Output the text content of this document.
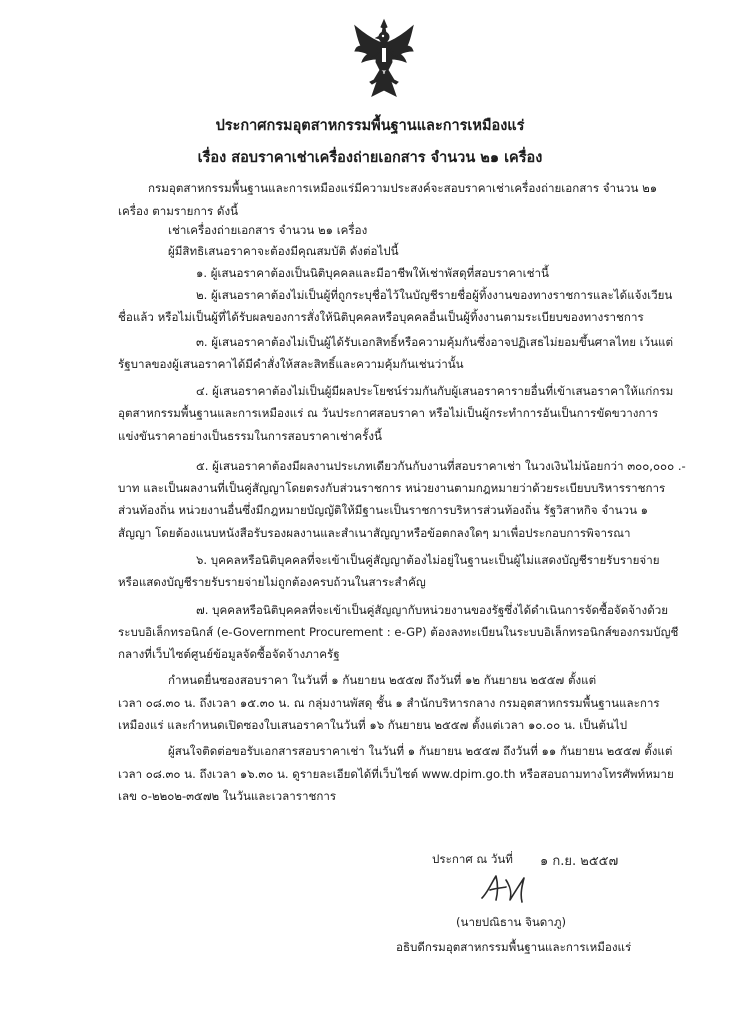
ประกาศกรมอุตสาหกรรมพื้นฐานและการเหมืองแร่
เรื่อง สอบราคาเช่าเครื่องถ่ายเอกสาร จำนวน ๒๑ เครื่อง
กรมอุตสาหกรรมพื้นฐานและการเหมืองแร่มีความประสงค์จะสอบราคาเช่าเครื่องถ่ายเอกสาร จำนวน ๒๑
เครื่อง ตามรายการ ดังนี้
เช่าเครื่องถ่ายเอกสาร จำนวน ๒๑ เครื่อง
ผู้มีสิทธิเสนอราคาจะต้องมีคุณสมบัติ ดังต่อไปนี้
๑. ผู้เสนอราคาต้องเป็นนิติบุคคลและมีอาชีพให้เช่าพัสดุที่สอบราคาเช่านี้
๒. ผู้เสนอราคาต้องไม่เป็นผู้ที่ถูกระบุชื่อไว้ในบัญชีรายชื่อผู้ทิ้งงานของทางราชการและได้แจ้งเวียน
ชื่อแล้ว หรือไม่เป็นผู้ที่ได้รับผลของการสั่งให้นิติบุคคลหรือบุคคลอื่นเป็นผู้ทิ้งงานตามระเบียบของทางราชการ
๓. ผู้เสนอราคาต้องไม่เป็นผู้ได้รับเอกสิทธิ์หรือความคุ้มกันซึ่งอาจปฏิเสธไม่ยอมขึ้นศาลไทย เว้นแต่
รัฐบาลของผู้เสนอราคาได้มีคำสั่งให้สละสิทธิ์และความคุ้มกันเช่นว่านั้น
๔. ผู้เสนอราคาต้องไม่เป็นผู้มีผลประโยชน์ร่วมกันกับผู้เสนอราคารายอื่นที่เข้าเสนอราคาให้แก่กรม
อุตสาหกรรมพื้นฐานและการเหมืองแร่ ณ วันประกาศสอบราคา หรือไม่เป็นผู้กระทำการอันเป็นการขัดขวางการ
แข่งขันราคาอย่างเป็นธรรมในการสอบราคาเช่าครั้งนี้
๕. ผู้เสนอราคาต้องมีผลงานประเภทเดียวกันกับงานที่สอบราคาเช่า ในวงเงินไม่น้อยกว่า ๓๐๐,๐๐๐ .-
บาท และเป็นผลงานที่เป็นคู่สัญญาโดยตรงกับส่วนราชการ หน่วยงานตามกฎหมายว่าด้วยระเบียบบริหารราชการ
ส่วนท้องถิ่น หน่วยงานอื่นซึ่งมีกฎหมายบัญญัติให้มีฐานะเป็นราชการบริหารส่วนท้องถิ่น รัฐวิสาหกิจ จำนวน ๑
สัญญา โดยต้องแนบหนังสือรับรองผลงานและสำเนาสัญญาหรือข้อตกลงใดๆ มาเพื่อประกอบการพิจารณา
๖. บุคคลหรือนิติบุคคลที่จะเข้าเป็นคู่สัญญาต้องไม่อยู่ในฐานะเป็นผู้ไม่แสดงบัญชีรายรับรายจ่าย
หรือแสดงบัญชีรายรับรายจ่ายไม่ถูกต้องครบถ้วนในสาระสำคัญ
๗. บุคคลหรือนิติบุคคลที่จะเข้าเป็นคู่สัญญากับหน่วยงานของรัฐซึ่งได้ดำเนินการจัดซื้อจัดจ้างด้วย
ระบบอิเล็กทรอนิกส์ (e-Government Procurement : e-GP) ต้องลงทะเบียนในระบบอิเล็กทรอนิกส์ของกรมบัญชี
กลางที่เว็บไซต์ศูนย์ข้อมูลจัดซื้อจัดจ้างภาครัฐ
กำหนดยื่นซองสอบราคา ในวันที่ ๑ กันยายน ๒๕๕๗ ถึงวันที่ ๑๒ กันยายน ๒๕๕๗ ตั้งแต่
เวลา ๐๘.๓๐ น. ถึงเวลา ๑๕.๓๐ น. ณ กลุ่มงานพัสดุ ชั้น ๑ สำนักบริหารกลาง กรมอุตสาหกรรมพื้นฐานและการ
เหมืองแร่ และกำหนดเปิดซองใบเสนอราคาในวันที่ ๑๖ กันยายน ๒๕๕๗ ตั้งแต่เวลา ๑๐.๐๐ น. เป็นต้นไป
ผู้สนใจติดต่อขอรับเอกสารสอบราคาเช่า ในวันที่ ๑ กันยายน ๒๕๕๗ ถึงวันที่ ๑๑ กันยายน ๒๕๕๗ ตั้งแต่
เวลา ๐๘.๓๐ น. ถึงเวลา ๑๖.๓๐ น. ดูรายละเอียดได้ที่เว็บไซต์ www.dpim.go.th หรือสอบถามทางโทรศัพท์หมาย
เลข ๐-๒๒๐๒-๓๕๗๒ ในวันและเวลาราชการ
ประกาศ ณ วันที่ ๑ ก.ย. ๒๕๕๗
(นายปณิธาน จินดาภู)
อธิบดีกรมอุตสาหกรรมพื้นฐานและการเหมืองแร่
